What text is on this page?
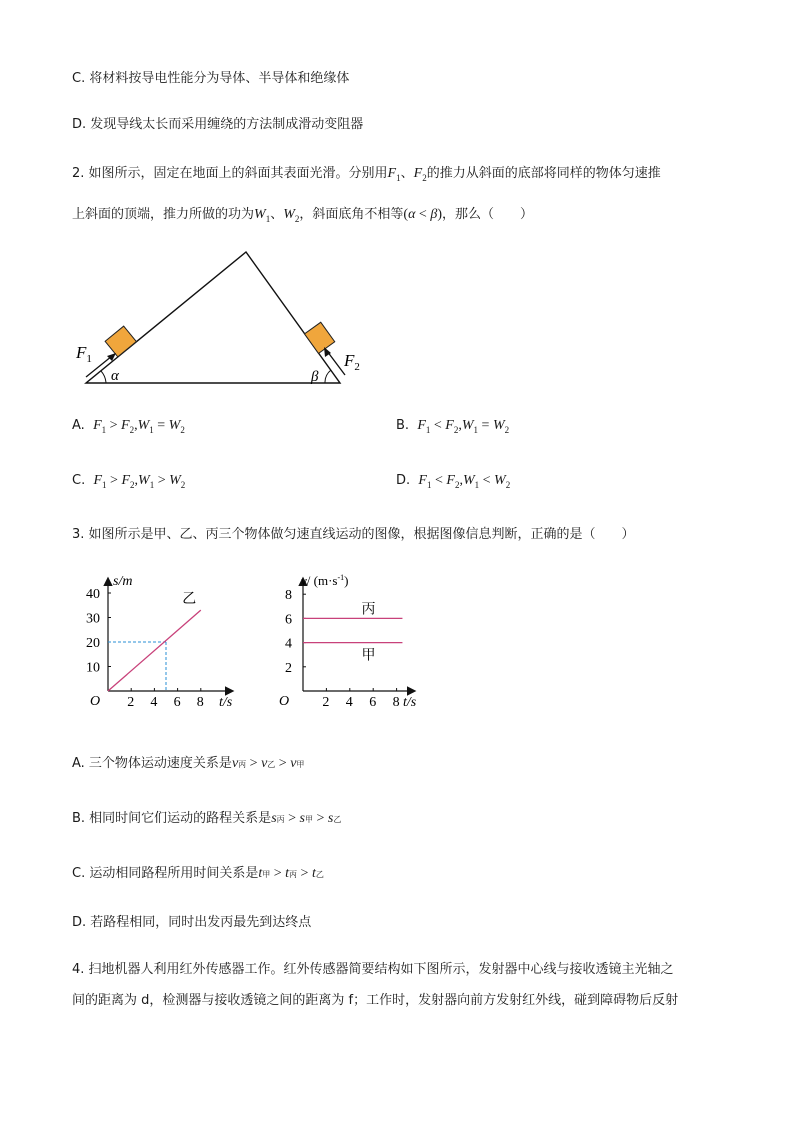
C. 将材料按导电性能分为导体、半导体和绝缘体
D. 发现导线太长而采用缠绕的方法制成滑动变阻器
2. 如图所示，固定在地面上的斜面其表面光滑。分别用$F_1$、$F_2$的推力从斜面的底部将同样的物体匀速推
上斜面的顶端，推力所做的功为$W_1$、$W_2$，斜面底角不相等(α < β)，那么（　　）
$F_1$	$F_2$
α	β
A. $F_1 > F_2,W_1 = W_2$	B. $F_1 < F_2,W_1 = W_2$
C. $F_1 > F_2,W_1 > W_2$	D. $F_1 < F_2,W_1 < W_2$
3. 如图所示是甲、乙、丙三个物体做匀速直线运动的图像，根据图像信息判断，正确的是（　　）
2 4 6 8
10
20
30
40
O
s/m
t/s
乙
2 4 6 8
2
4
6
8
O
v/ $(m\cdot s^{-1})$
t/s
丙
甲
A. 三个物体运动速度关系是v丙 > v乙 > v甲
B. 相同时间它们运动的路程关系是s丙 > s甲 > s乙
C. 运动相同路程所用时间关系是t甲 > t丙 > t乙
D. 若路程相同，同时出发丙最先到达终点
4. 扫地机器人利用红外传感器工作。红外传感器简要结构如下图所示，发射器中心线与接收透镜主光轴之
间的距离为 d，检测器与接收透镜之间的距离为 f；工作时，发射器向前方发射红外线，碰到障碍物后反射
